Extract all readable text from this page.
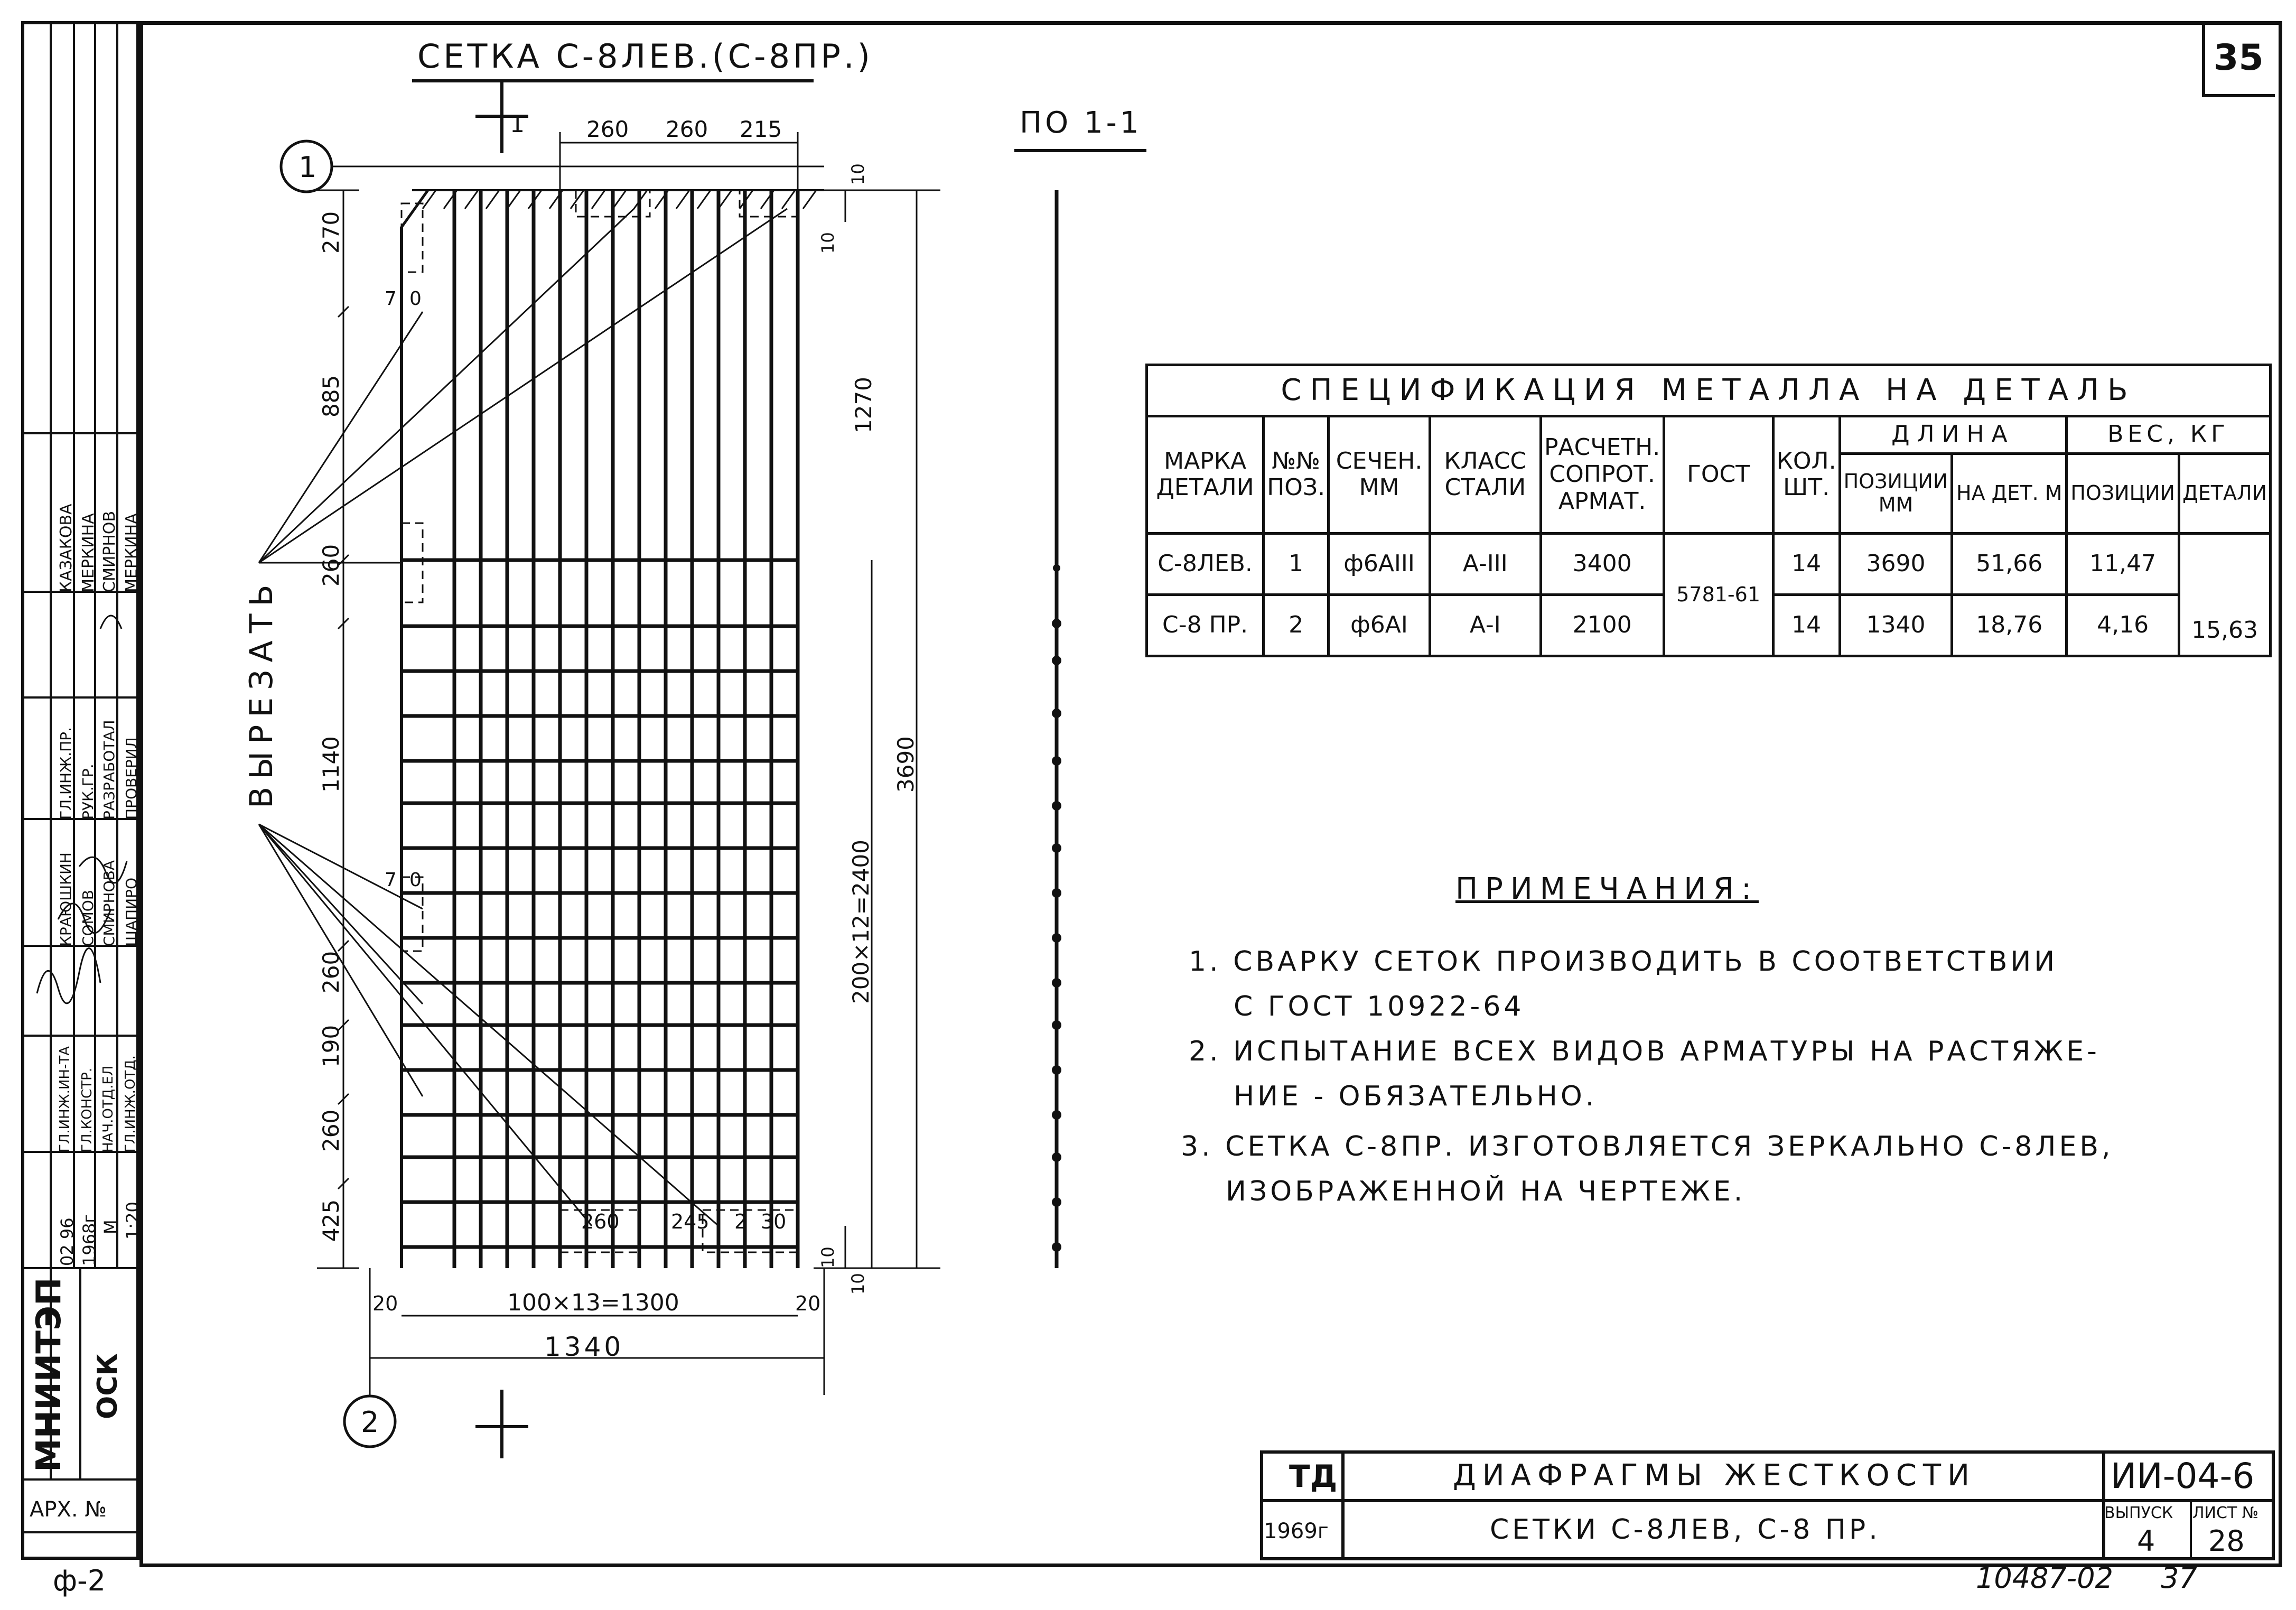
35
МНИИТЭП ОСК
АРХ. №
02 96 1968г М 1:20
ГЛ.ИНЖ.ИН-ТА ГЛ.КОНСТР. НАЧ.ОТД.ЕЛ ГЛ.ИНЖ.ОТД.
КРАЮШКИН СОМОВ СМИРНОВА ШАПИРО
ГЛ.ИНЖ.ПР. РУК.ГР. РАЗРАБОТАЛ ПРОВЕРИЛ
КАЗАКОВА МЕРКИНА СМИРНОВ МЕРКИНА
ф-2
СЕТКА С-8ЛЕВ.(С-8ПР.)
1
2
1
ВЫРЕЗАТЬ
260 260 215
270
885
260
1140
260
190
260
425
7 0
7 0	200×12=2400
1270
3690
10
10
10
10
260	245 2 30
100×13=1300
20	20
1340
ПО 1-1
СПЕЦИФИКАЦИЯ МЕТАЛЛА НА ДЕТАЛЬ										
МАРКА ДЕТАЛИ	№№ ПОЗ.	СЕЧЕН. ММ	КЛАСС СТАЛИ	РАСЧЕТН. СОПРОТ. АРМАТ.	ГОСТ	КОЛ. ШТ.	ДЛИНА		ВЕС, КГ	
							ПОЗИЦИИ ММ	НА ДЕТ. М	ПОЗИЦИИ	ДЕТАЛИ
С-8ЛЕВ.	1	ф6АIII	А-III	3400	5781-61	14	3690	51,66	11,47	15,63
С-8 ПР.	2	ф6АI	А-I	2100		14	1340	18,76	4,16	
ПРИМЕЧАНИЯ:
1. СВАРКУ СЕТОК ПРОИЗВОДИТЬ В СООТВЕТСТВИИ
С ГОСТ 10922-64
2. ИСПЫТАНИЕ ВСЕХ ВИДОВ АРМАТУРЫ НА РАСТЯЖЕ-
НИЕ - ОБЯЗАТЕЛЬНО.
3. СЕТКА С-8ПР. ИЗГОТОВЛЯЕТСЯ ЗЕРКАЛЬНО С-8ЛЕВ,
ИЗОБРАЖЕННОЙ НА ЧЕРТЕЖЕ.
ТД
1969г
ДИАФРАГМЫ ЖЕСТКОСТИ
СЕТКИ С-8ЛЕВ, С-8 ПР.
ИИ-04-6
ВЫПУСК
4
ЛИСТ №
28
10487-02 37
